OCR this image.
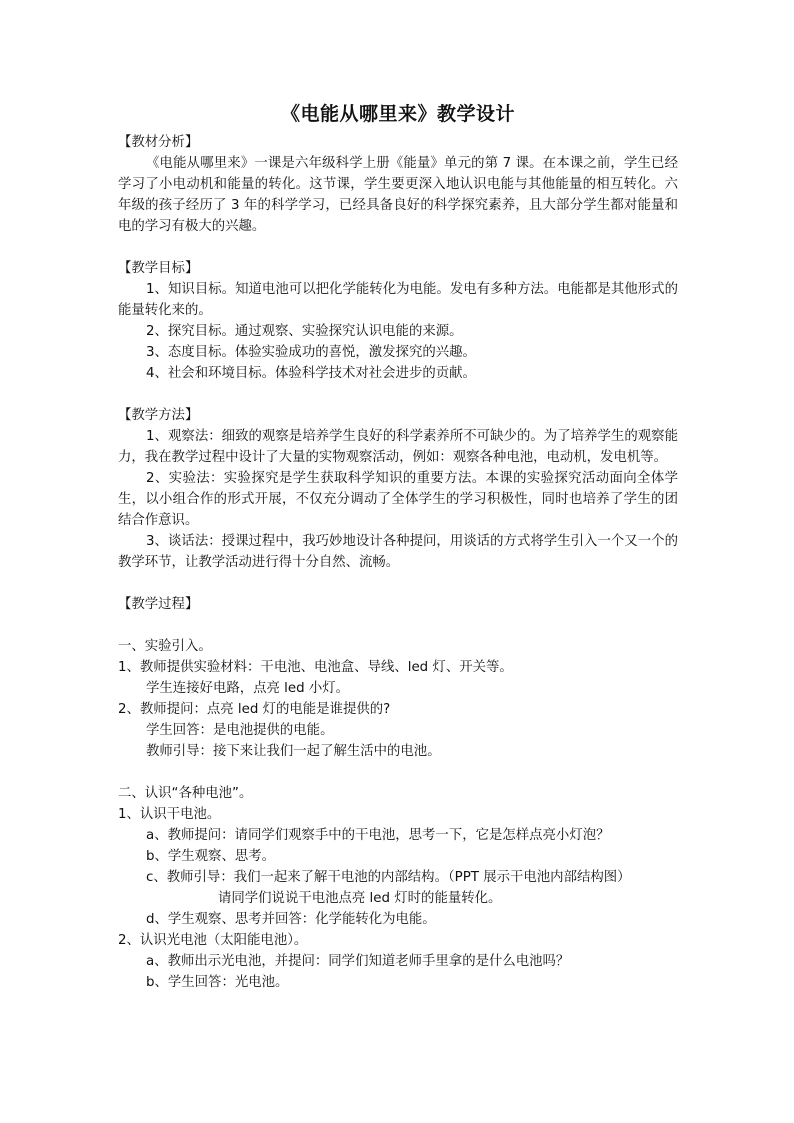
《电能从哪里来》教学设计

【教材分析】

《电能从哪里来》一课是六年级科学上册《能量》单元的第 7 课。在本课之前，学生已经学习了小电动机和能量的转化。这节课，学生要更深入地认识电能与其他能量的相互转化。六年级的孩子经历了 3 年的科学学习，已经具备良好的科学探究素养，且大部分学生都对能量和电的学习有极大的兴趣。

【教学目标】

1、知识目标。知道电池可以把化学能转化为电能。发电有多种方法。电能都是其他形式的能量转化来的。

2、探究目标。通过观察、实验探究认识电能的来源。

3、态度目标。体验实验成功的喜悦，激发探究的兴趣。

4、社会和环境目标。体验科学技术对社会进步的贡献。

【教学方法】

1、观察法：细致的观察是培养学生良好的科学素养所不可缺少的。为了培养学生的观察能力，我在教学过程中设计了大量的实物观察活动，例如：观察各种电池，电动机，发电机等。

2、实验法：实验探究是学生获取科学知识的重要方法。本课的实验探究活动面向全体学生，以小组合作的形式开展，不仅充分调动了全体学生的学习积极性，同时也培养了学生的团结合作意识。

3、谈话法：授课过程中，我巧妙地设计各种提问，用谈话的方式将学生引入一个又一个的教学环节，让教学活动进行得十分自然、流畅。

【教学过程】

一、实验引入。

1、教师提供实验材料：干电池、电池盒、导线、led 灯、开关等。

学生连接好电路，点亮 led 小灯。

2、教师提问：点亮 led 灯的电能是谁提供的?

学生回答：是电池提供的电能。

教师引导：接下来让我们一起了解生活中的电池。

二、认识“各种电池”。

1、认识干电池。

a、教师提问：请同学们观察手中的干电池，思考一下，它是怎样点亮小灯泡？

b、学生观察、思考。

c、教师引导：我们一起来了解干电池的内部结构。（PPT 展示干电池内部结构图）

请同学们说说干电池点亮 led 灯时的能量转化。

d、学生观察、思考并回答：化学能转化为电能。

2、认识光电池（太阳能电池）。

a、教师出示光电池，并提问：同学们知道老师手里拿的是什么电池吗？

b、学生回答：光电池。
